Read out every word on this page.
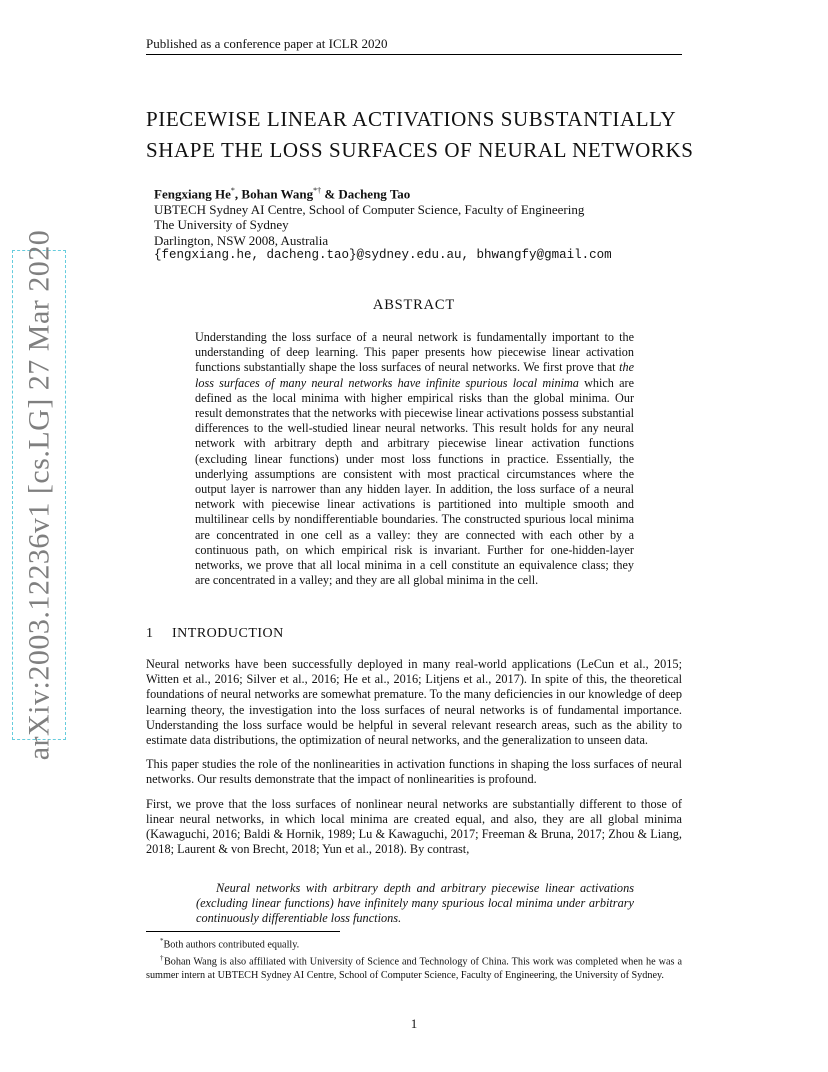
Published as a conference paper at ICLR 2020
arXiv:2003.12236v1 [cs.LG] 27 Mar 2020
PIECEWISE LINEAR ACTIVATIONS SUBSTANTIALLY
SHAPE THE LOSS SURFACES OF NEURAL NETWORKS
Fengxiang He*, Bohan Wang*† & Dacheng Tao
UBTECH Sydney AI Centre, School of Computer Science, Faculty of Engineering
The University of Sydney
Darlington, NSW 2008, Australia
{fengxiang.he, dacheng.tao}@sydney.edu.au, bhwangfy@gmail.com
ABSTRACT
Understanding the loss surface of a neural network is fundamentally important to the understanding of deep learning. This paper presents how piecewise linear activation functions substantially shape the loss surfaces of neural networks. We first prove that the loss surfaces of many neural networks have infinite spurious local minima which are defined as the local minima with higher empirical risks than the global minima. Our result demonstrates that the networks with piecewise linear activations possess substantial differences to the well-studied linear neural networks. This result holds for any neural network with arbitrary depth and arbitrary piecewise linear activation functions (excluding linear functions) under most loss functions in practice. Essentially, the underlying assumptions are consistent with most practical circumstances where the output layer is narrower than any hidden layer. In addition, the loss surface of a neural network with piecewise linear activations is partitioned into multiple smooth and multilinear cells by nondifferentiable boundaries. The constructed spurious local minima are concentrated in one cell as a valley: they are connected with each other by a continuous path, on which empirical risk is invariant. Further for one-hidden-layer networks, we prove that all local minima in a cell constitute an equivalence class; they are concentrated in a valley; and they are all global minima in the cell.
1 INTRODUCTION

Neural networks have been successfully deployed in many real-world applications (LeCun et al., 2015; Witten et al., 2016; Silver et al., 2016; He et al., 2016; Litjens et al., 2017). In spite of this, the theoretical foundations of neural networks are somewhat premature. To the many deficiencies in our knowledge of deep learning theory, the investigation into the loss surfaces of neural networks is of fundamental importance. Understanding the loss surface would be helpful in several relevant research areas, such as the ability to estimate data distributions, the optimization of neural networks, and the generalization to unseen data.

This paper studies the role of the nonlinearities in activation functions in shaping the loss surfaces of neural networks. Our results demonstrate that the impact of nonlinearities is profound.

First, we prove that the loss surfaces of nonlinear neural networks are substantially different to those of linear neural networks, in which local minima are created equal, and also, they are all global minima (Kawaguchi, 2016; Baldi & Hornik, 1989; Lu & Kawaguchi, 2017; Freeman & Bruna, 2017; Zhou & Liang, 2018; Laurent & von Brecht, 2018; Yun et al., 2018). By contrast,

Neural networks with arbitrary depth and arbitrary piecewise linear activations (excluding linear functions) have infinitely many spurious local minima under arbitrary continuously differentiable loss functions.

*Both authors contributed equally.

†Bohan Wang is also affiliated with University of Science and Technology of China. This work was completed when he was a summer intern at UBTECH Sydney AI Centre, School of Computer Science, Faculty of Engineering, the University of Sydney.

1
